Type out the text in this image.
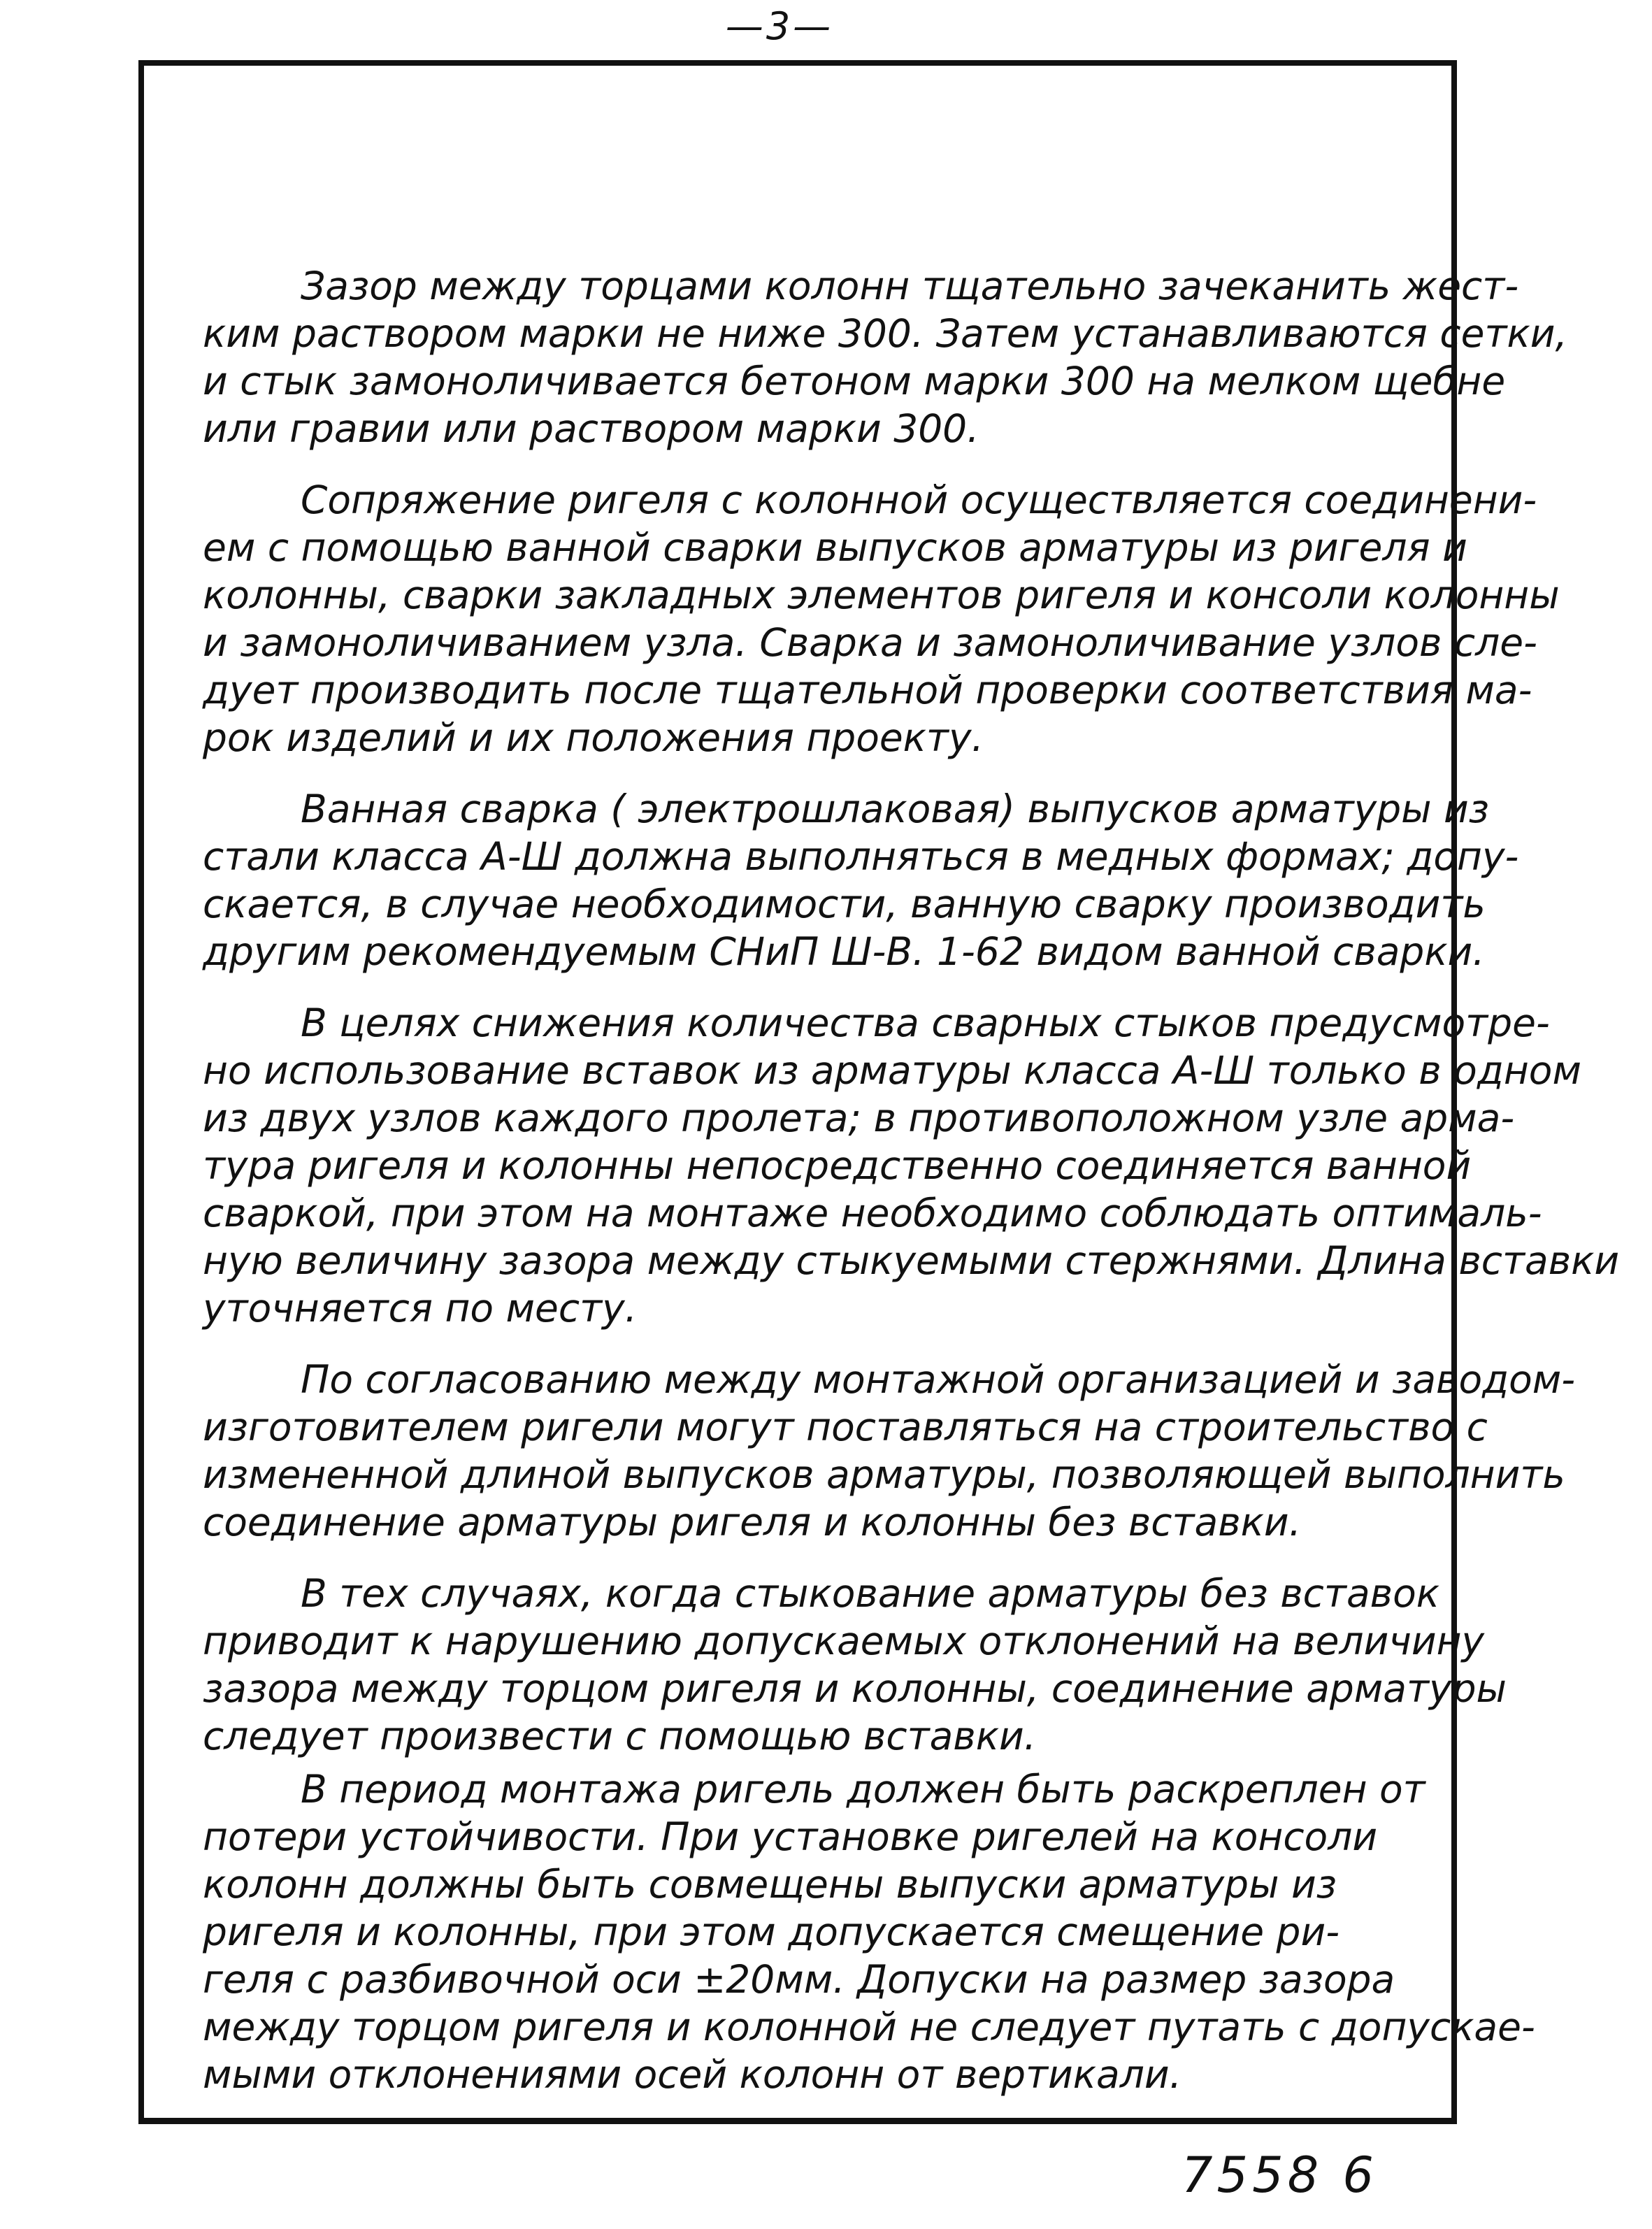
—3—

Зазор между торцами колонн тщательно зачеканить жест-
ким раствором марки не ниже 300. Затем устанавливаются сетки,
и стык замоноличивается бетоном марки 300 на мелком щебне
или гравии или раствором марки 300.

Сопряжение ригеля с колонной осуществляется соединени-
ем с помощью ванной сварки выпусков арматуры из ригеля и
колонны, сварки закладных элементов ригеля и консоли колонны
и замоноличиванием узла. Сварка и замоноличивание узлов сле-
дует производить после тщательной проверки соответствия ма-
рок изделий и их положения проекту.

Ванная сварка ( электрошлаковая) выпусков арматуры из
стали класса А-Ш должна выполняться в медных формах; допу-
скается, в случае необходимости, ванную сварку производить
другим рекомендуемым СНиП Ш-В. 1-62 видом ванной сварки.

В целях снижения количества сварных стыков предусмотре-
но использование вставок из арматуры класса А-Ш только в одном
из двух узлов каждого пролета; в противоположном узле арма-
тура ригеля и колонны непосредственно соединяется ванной
сваркой, при этом на монтаже необходимо соблюдать оптималь-
ную величину зазора между стыкуемыми стержнями. Длина вставки
уточняется по месту.

По согласованию между монтажной организацией и заводом-
изготовителем ригели могут поставляться на строительство с
измененной длиной выпусков арматуры, позволяющей выполнить
соединение арматуры ригеля и колонны без вставки.

В тех случаях, когда стыкование арматуры без вставок
приводит к нарушению допускаемых отклонений на величину
зазора между торцом ригеля и колонны, соединение арматуры
следует произвести с помощью вставки.

В период монтажа ригель должен быть раскреплен от
потери устойчивости. При установке ригелей на консоли
колонн должны быть совмещены выпуски арматуры из
ригеля и колонны, при этом допускается смещение ри-
геля с разбивочной оси ±20мм. Допуски на размер зазора
между торцом ригеля и колонной не следует путать с допускае-
мыми отклонениями осей колонн от вертикали.

7558 6
